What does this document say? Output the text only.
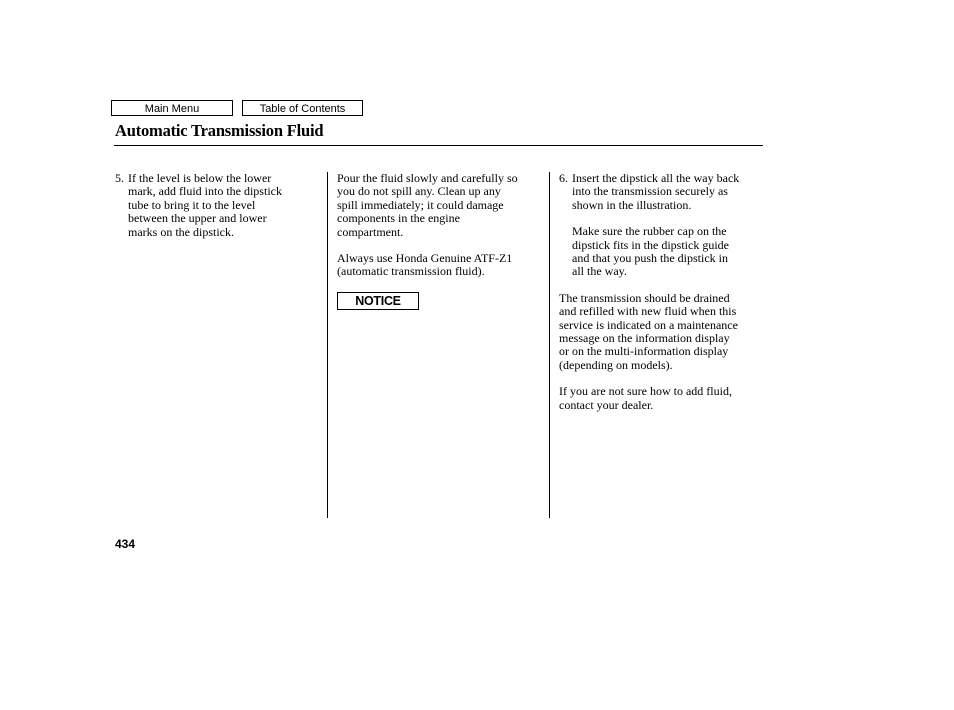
Main Menu	Table of Contents
Automatic Transmission Fluid
5. If the level is below the lower

mark, add fluid into the dipstick

tube to bring it to the level

between the upper and lower

marks on the dipstick.

Pour the fluid slowly and carefully so

you do not spill any. Clean up any

spill immediately; it could damage

components in the engine

compartment.

Always use Honda Genuine ATF-Z1

(automatic transmission fluid).

NOTICE
6. Insert the dipstick all the way back

into the transmission securely as

shown in the illustration.

Make sure the rubber cap on the

dipstick fits in the dipstick guide

and that you push the dipstick in

all the way.

The transmission should be drained

and refilled with new fluid when this

service is indicated on a maintenance

message on the information display

or on the multi-information display

(depending on models).

If you are not sure how to add fluid,

contact your dealer.

434
